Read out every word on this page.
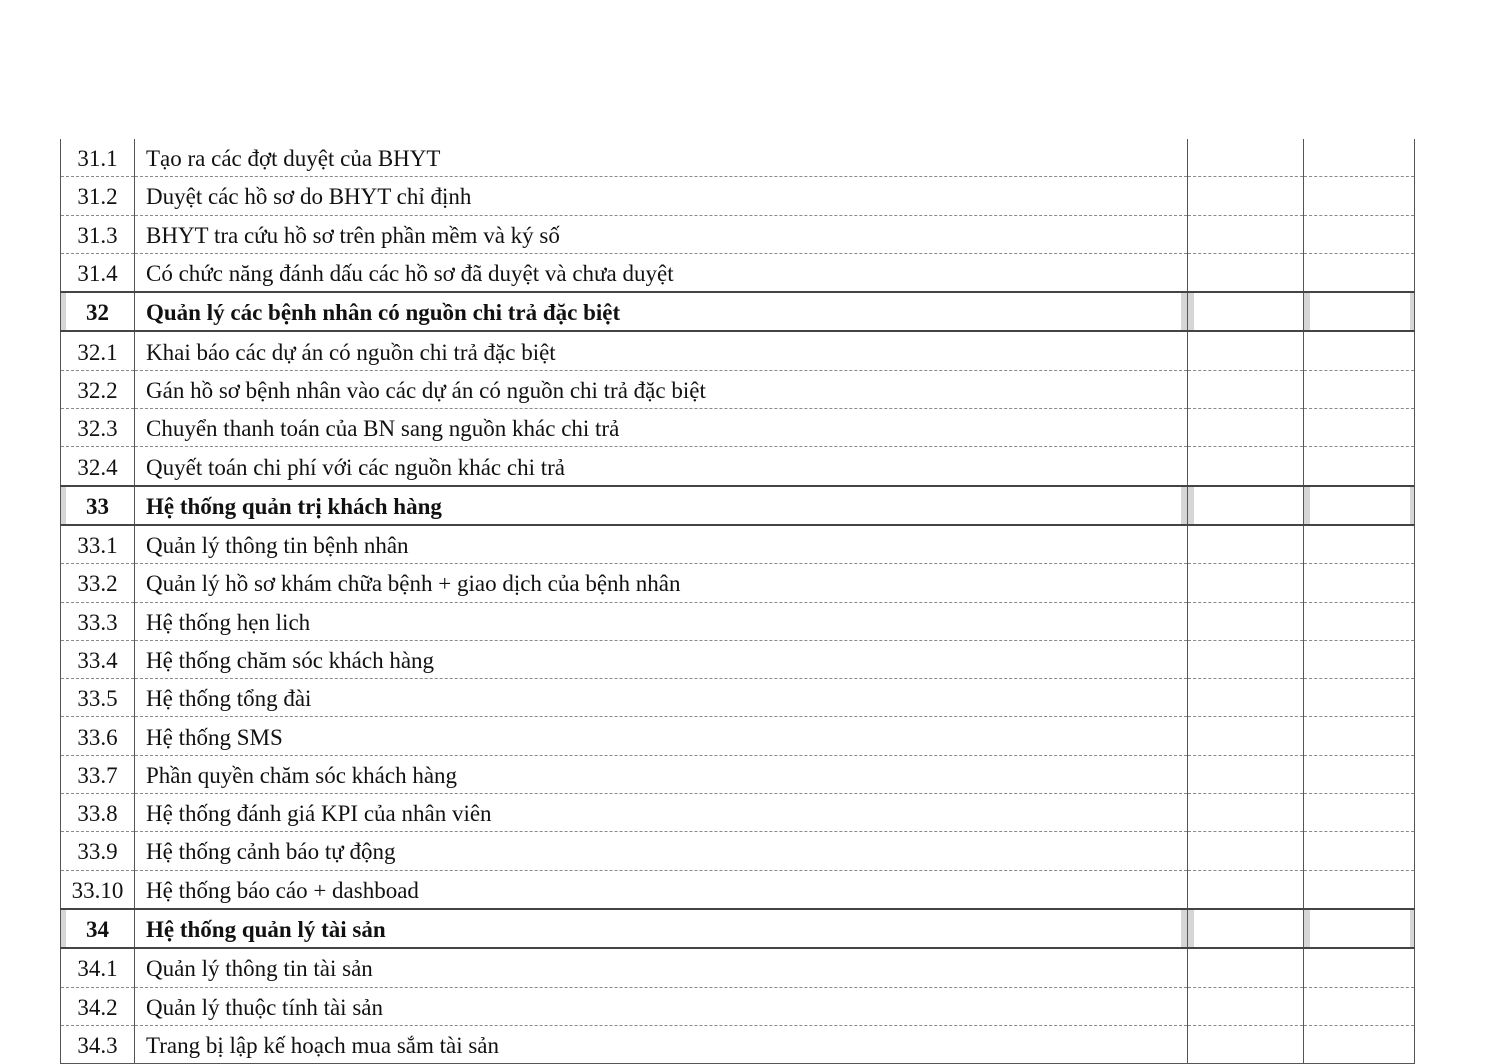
31.1	Tạo ra các đợt duyệt của BHYT		
31.2	Duyệt các hồ sơ do BHYT chỉ định		
31.3	BHYT tra cứu hồ sơ trên phần mềm và ký số		
31.4	Có chức năng đánh dấu các hồ sơ đã duyệt và chưa duyệt		
32	Quản lý các bệnh nhân có nguồn chi trả đặc biệt		
32.1	Khai báo các dự án có nguồn chi trả đặc biệt		
32.2	Gán hồ sơ bệnh nhân vào các dự án có nguồn chi trả đặc biệt		
32.3	Chuyển thanh toán của BN sang nguồn khác chi trả		
32.4	Quyết toán chi phí với các nguồn khác chi trả		
33	Hệ thống quản trị khách hàng		
33.1	Quản lý thông tin bệnh nhân		
33.2	Quản lý hồ sơ khám chữa bệnh + giao dịch của bệnh nhân		
33.3	Hệ thống hẹn lich		
33.4	Hệ thống chăm sóc khách hàng		
33.5	Hệ thống tổng đài		
33.6	Hệ thống SMS		
33.7	Phần quyền chăm sóc khách hàng		
33.8	Hệ thống đánh giá KPI của nhân viên		
33.9	Hệ thống cảnh báo tự động		
33.10	Hệ thống báo cáo + dashboad		
34	Hệ thống quản lý tài sản		
34.1	Quản lý thông tin tài sản		
34.2	Quản lý thuộc tính tài sản		
34.3	Trang bị lập kế hoạch mua sắm tài sản		
